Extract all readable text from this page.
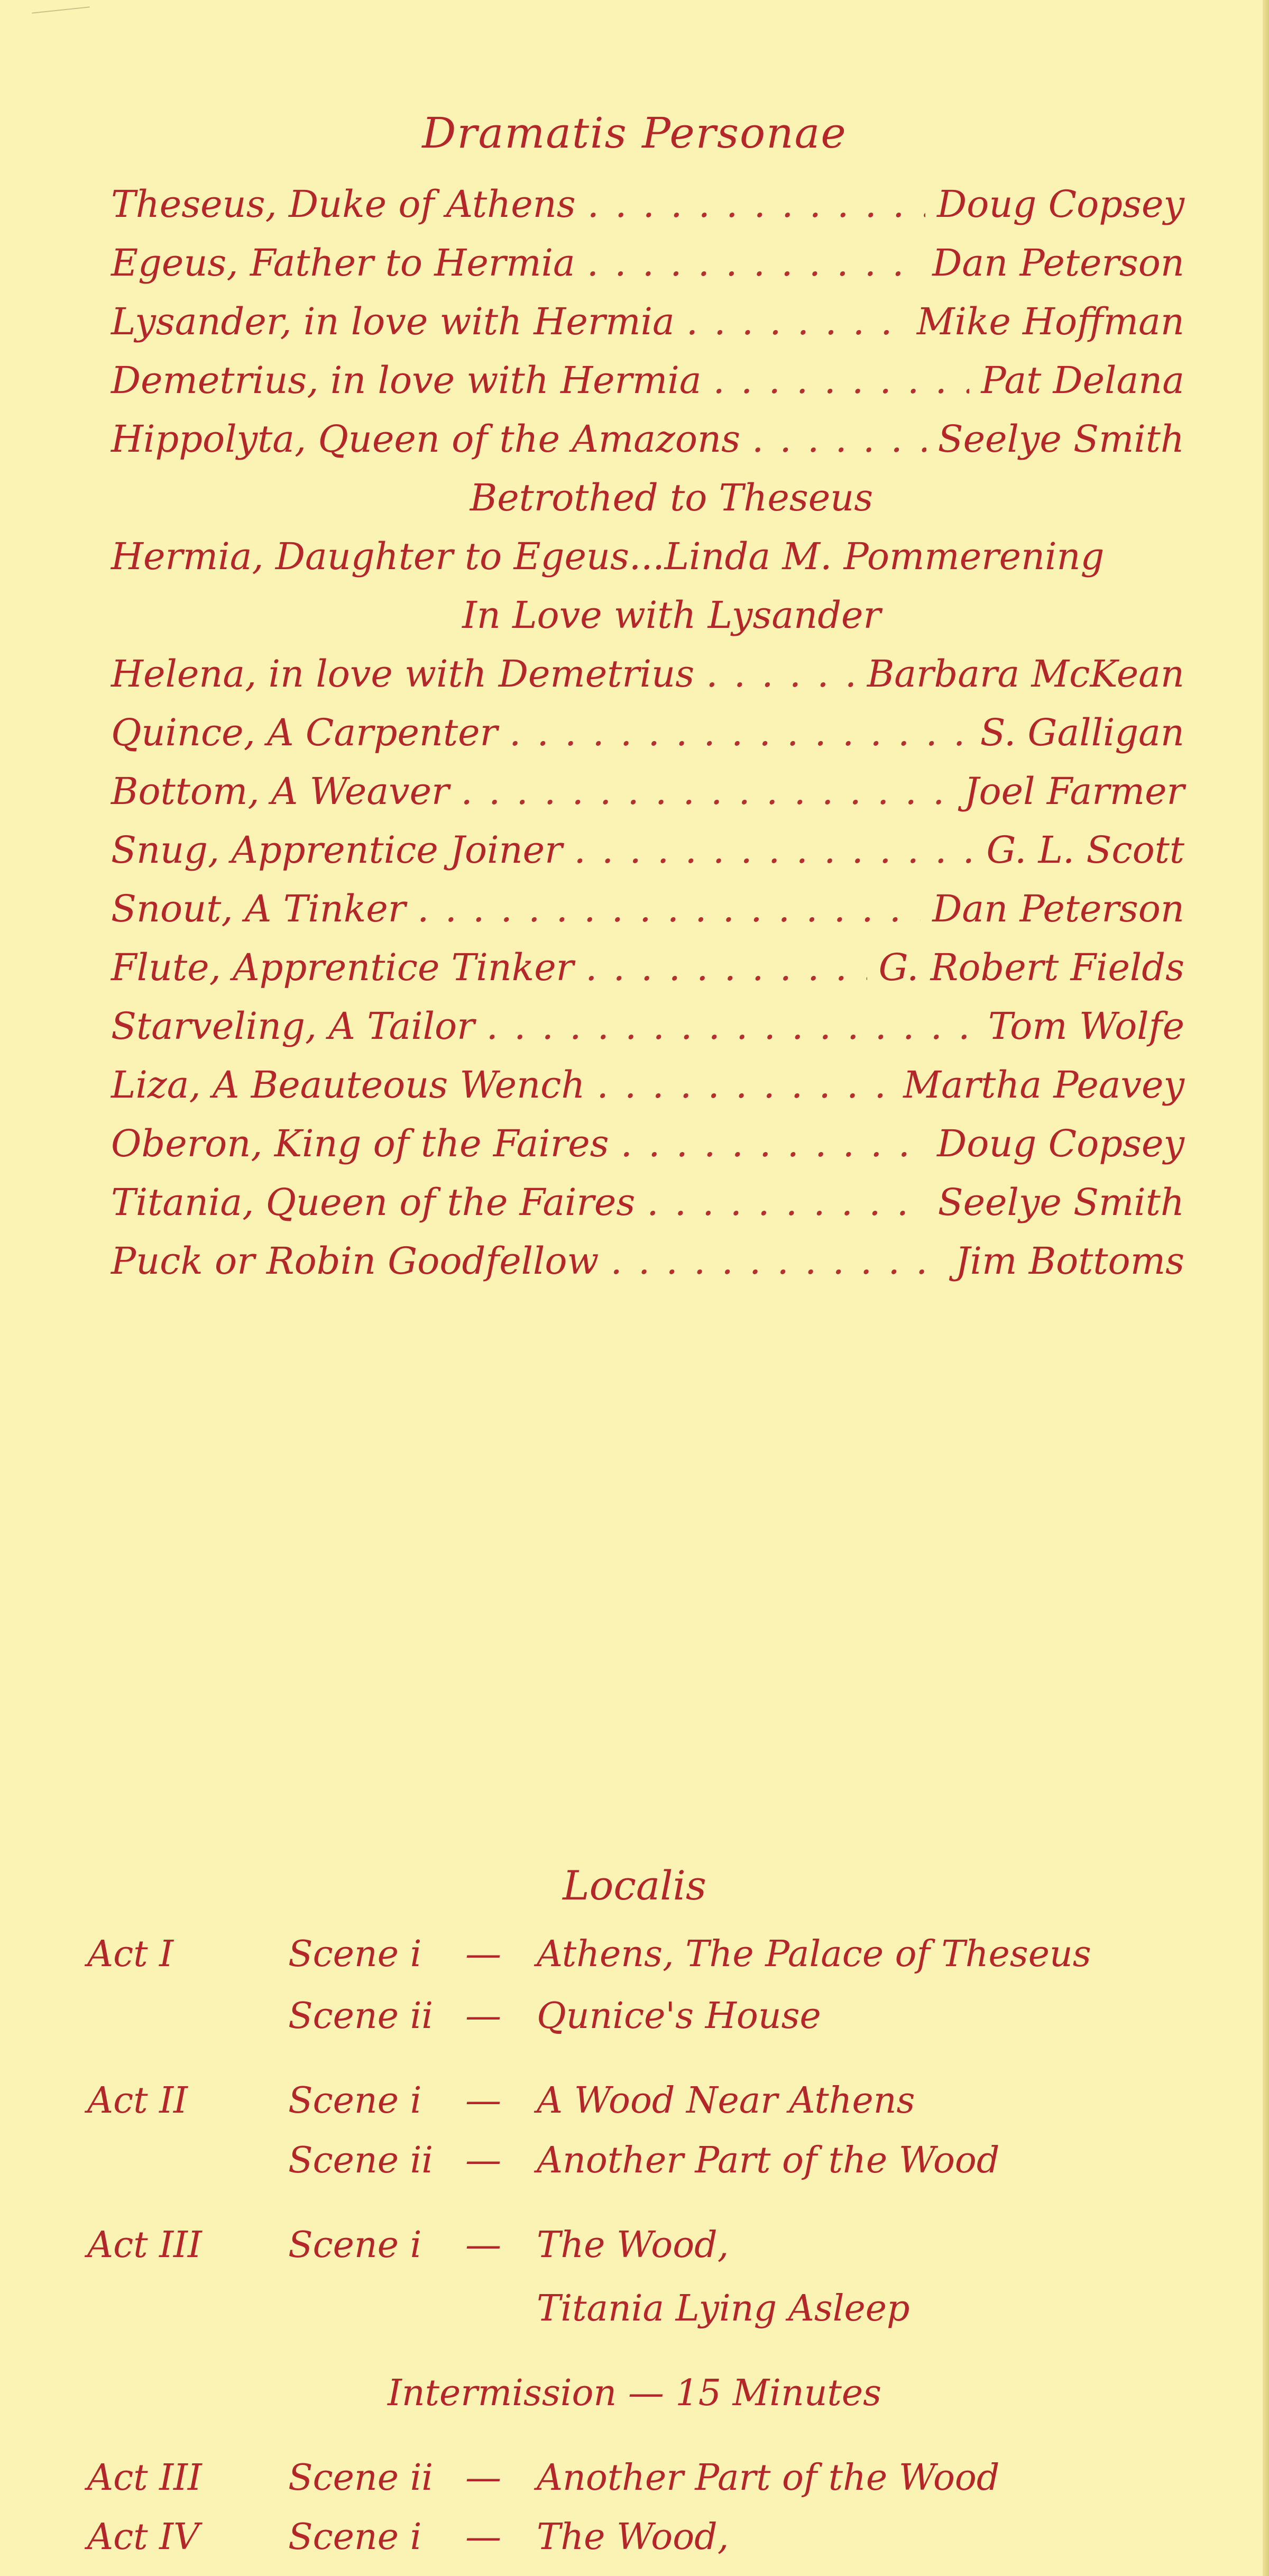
Dramatis Personae
Theseus, Duke of Athens . . .	Doug Copsey
Egeus, Father to Hermia . . .	Dan Peterson
Lysander, in love with Hermia . . .	Mike Hoffman
Demetrius, in love with Hermia . . .	Pat Delana
Hippolyta, Queen of the Amazons . . .	Seelye Smith
Betrothed to Theseus
Hermia, Daughter to Egeus... Linda M. Pommerening
In Love with Lysander
Helena, in love with Demetrius . . .	Barbara McKean
Quince, A Carpenter . . .	S. Galligan
Bottom, A Weaver . . .	Joel Farmer
Snug, Apprentice Joiner . . .	G. L. Scott
Snout, A Tinker . . .	Dan Peterson
Flute, Apprentice Tinker . . .	G. Robert Fields
Starveling, A Tailor . . .	Tom Wolfe
Liza, A Beauteous Wench . . .	Martha Peavey
Oberon, King of the Faires . . .	Doug Copsey
Titania, Queen of the Faires . . .	Seelye Smith
Puck or Robin Goodfellow . . .	Jim Bottoms
Localis
Act I	Scene i — Athens, The Palace of Theseus
Scene ii — Qunice's House
Act II	Scene i — A Wood Near Athens
Scene ii — Another Part of the Wood
Act III Scene i — The Wood,
Titania Lying Asleep
Intermission — 15 Minutes
Act III Scene ii — Another Part of the Wood
Act IV Scene i — The Wood,
